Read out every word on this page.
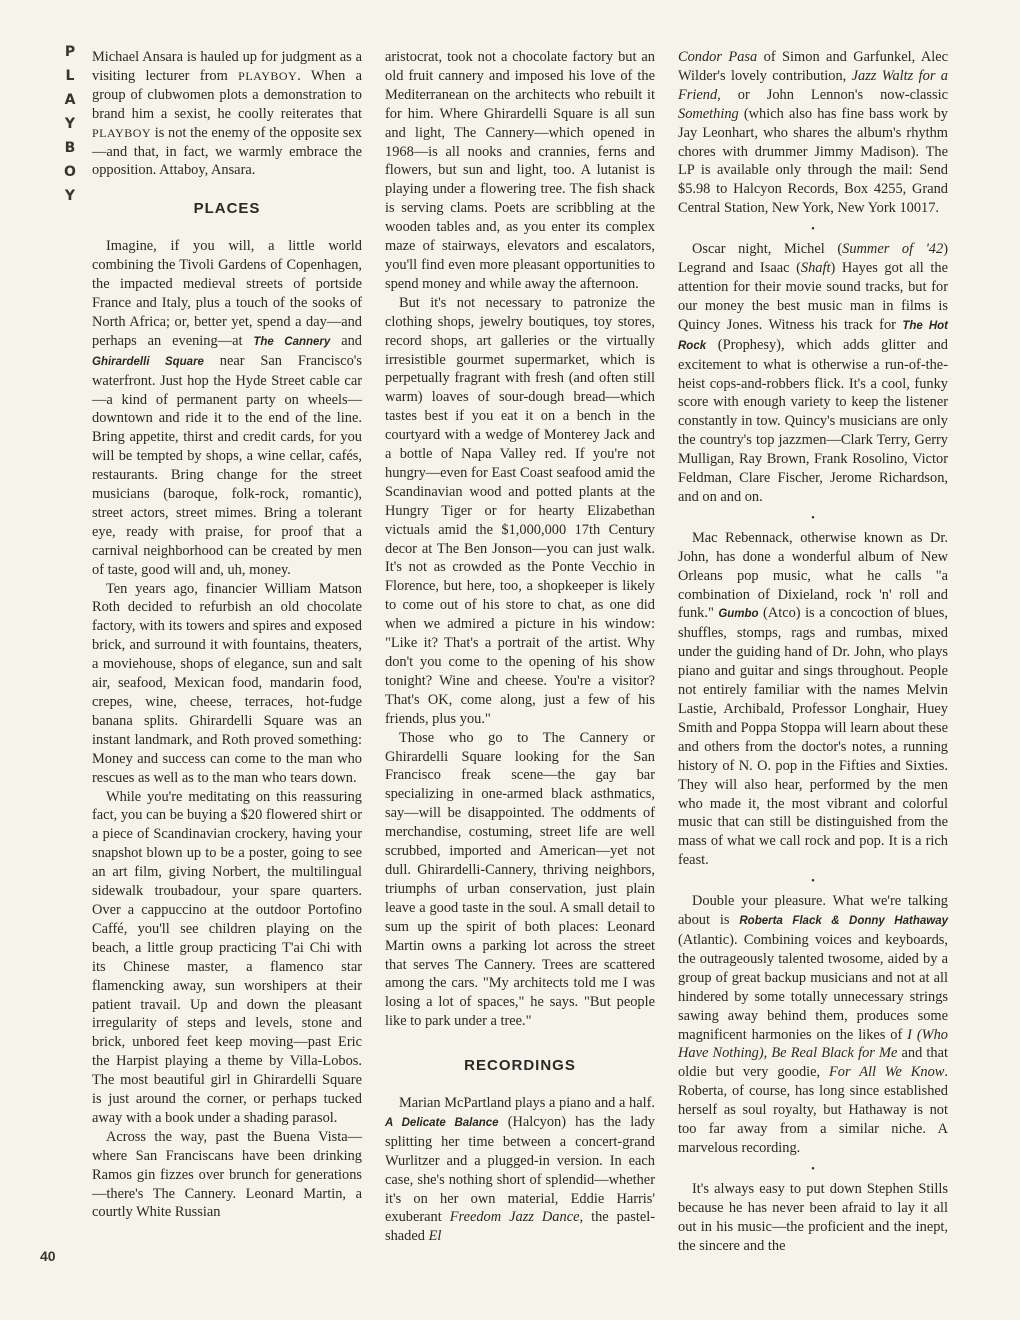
P
L
A
Y
B
O
Y
40

Michael Ansara is hauled up for judgment as a visiting lecturer from PLAYBOY. When a group of clubwomen plots a demonstration to brand him a sexist, he coolly reiterates that PLAYBOY is not the enemy of the opposite sex—and that, in fact, we warmly embrace the opposition. Attaboy, Ansara.

PLACES

Imagine, if you will, a little world combining the Tivoli Gardens of Copenhagen, the impacted medieval streets of portside France and Italy, plus a touch of the sooks of North Africa; or, better yet, spend a day—and perhaps an evening—at The Cannery and Ghirardelli Square near San Francisco's waterfront. Just hop the Hyde Street cable car—a kind of permanent party on wheels—downtown and ride it to the end of the line. Bring appetite, thirst and credit cards, for you will be tempted by shops, a wine cellar, cafés, restaurants. Bring change for the street musicians (baroque, folk-rock, romantic), street actors, street mimes. Bring a tolerant eye, ready with praise, for proof that a carnival neighborhood can be created by men of taste, good will and, uh, money.

Ten years ago, financier William Matson Roth decided to refurbish an old chocolate factory, with its towers and spires and exposed brick, and surround it with fountains, theaters, a moviehouse, shops of elegance, sun and salt air, seafood, Mexican food, mandarin food, crepes, wine, cheese, terraces, hot-fudge banana splits. Ghirardelli Square was an instant landmark, and Roth proved something: Money and success can come to the man who rescues as well as to the man who tears down.

While you're meditating on this reassuring fact, you can be buying a $20 flowered shirt or a piece of Scandinavian crockery, having your snapshot blown up to be a poster, going to see an art film, giving Norbert, the multilingual sidewalk troubadour, your spare quarters. Over a cappuccino at the outdoor Portofino Caffé, you'll see children playing on the beach, a little group practicing T'ai Chi with its Chinese master, a flamenco star flamencking away, sun worshipers at their patient travail. Up and down the pleasant irregularity of steps and levels, stone and brick, unbored feet keep moving—past Eric the Harpist playing a theme by Villa-Lobos. The most beautiful girl in Ghirardelli Square is just around the corner, or perhaps tucked away with a book under a shading parasol.

Across the way, past the Buena Vista—where San Franciscans have been drinking Ramos gin fizzes over brunch for generations—there's The Cannery. Leonard Martin, a courtly White Russian

aristocrat, took not a chocolate factory but an old fruit cannery and imposed his love of the Mediterranean on the architects who rebuilt it for him. Where Ghirardelli Square is all sun and light, The Cannery—which opened in 1968—is all nooks and crannies, ferns and flowers, but sun and light, too. A lutanist is playing under a flowering tree. The fish shack is serving clams. Poets are scribbling at the wooden tables and, as you enter its complex maze of stairways, elevators and escalators, you'll find even more pleasant opportunities to spend money and while away the afternoon.

But it's not necessary to patronize the clothing shops, jewelry boutiques, toy stores, record shops, art galleries or the virtually irresistible gourmet supermarket, which is perpetually fragrant with fresh (and often still warm) loaves of sour-dough bread—which tastes best if you eat it on a bench in the courtyard with a wedge of Monterey Jack and a bottle of Napa Valley red. If you're not hungry—even for East Coast seafood amid the Scandinavian wood and potted plants at the Hungry Tiger or for hearty Elizabethan victuals amid the $1,000,000 17th Century decor at The Ben Jonson—you can just walk. It's not as crowded as the Ponte Vecchio in Florence, but here, too, a shopkeeper is likely to come out of his store to chat, as one did when we admired a picture in his window: "Like it? That's a portrait of the artist. Why don't you come to the opening of his show tonight? Wine and cheese. You're a visitor? That's OK, come along, just a few of his friends, plus you."

Those who go to The Cannery or Ghirardelli Square looking for the San Francisco freak scene—the gay bar specializing in one-armed black asthmatics, say—will be disappointed. The oddments of merchandise, costuming, street life are well scrubbed, imported and American—yet not dull. Ghirardelli-Cannery, thriving neighbors, triumphs of urban conservation, just plain leave a good taste in the soul. A small detail to sum up the spirit of both places: Leonard Martin owns a parking lot across the street that serves The Cannery. Trees are scattered among the cars. "My architects told me I was losing a lot of spaces," he says. "But people like to park under a tree."

RECORDINGS

Marian McPartland plays a piano and a half. A Delicate Balance (Halcyon) has the lady splitting her time between a concert-grand Wurlitzer and a plugged-in version. In each case, she's nothing short of splendid—whether it's on her own material, Eddie Harris' exuberant Freedom Jazz Dance, the pastel-shaded El

Condor Pasa of Simon and Garfunkel, Alec Wilder's lovely contribution, Jazz Waltz for a Friend, or John Lennon's now-classic Something (which also has fine bass work by Jay Leonhart, who shares the album's rhythm chores with drummer Jimmy Madison). The LP is available only through the mail: Send $5.98 to Halcyon Records, Box 4255, Grand Central Station, New York, New York 10017.

•

Oscar night, Michel (Summer of '42) Legrand and Isaac (Shaft) Hayes got all the attention for their movie sound tracks, but for our money the best music man in films is Quincy Jones. Witness his track for The Hot Rock (Prophesy), which adds glitter and excitement to what is otherwise a run-of-the-heist cops-and-robbers flick. It's a cool, funky score with enough variety to keep the listener constantly in tow. Quincy's musicians are only the country's top jazzmen—Clark Terry, Gerry Mulligan, Ray Brown, Frank Rosolino, Victor Feldman, Clare Fischer, Jerome Richardson, and on and on.

•

Mac Rebennack, otherwise known as Dr. John, has done a wonderful album of New Orleans pop music, what he calls "a combination of Dixieland, rock 'n' roll and funk." Gumbo (Atco) is a concoction of blues, shuffles, stomps, rags and rumbas, mixed under the guiding hand of Dr. John, who plays piano and guitar and sings throughout. People not entirely familiar with the names Melvin Lastie, Archibald, Professor Longhair, Huey Smith and Poppa Stoppa will learn about these and others from the doctor's notes, a running history of N. O. pop in the Fifties and Sixties. They will also hear, performed by the men who made it, the most vibrant and colorful music that can still be distinguished from the mass of what we call rock and pop. It is a rich feast.

•

Double your pleasure. What we're talking about is Roberta Flack & Donny Hathaway (Atlantic). Combining voices and keyboards, the outrageously talented twosome, aided by a group of great backup musicians and not at all hindered by some totally unnecessary strings sawing away behind them, produces some magnificent harmonies on the likes of I (Who Have Nothing), Be Real Black for Me and that oldie but very goodie, For All We Know. Roberta, of course, has long since established herself as soul royalty, but Hathaway is not too far away from a similar niche. A marvelous recording.

•

It's always easy to put down Stephen Stills because he has never been afraid to lay it all out in his music—the proficient and the inept, the sincere and the
